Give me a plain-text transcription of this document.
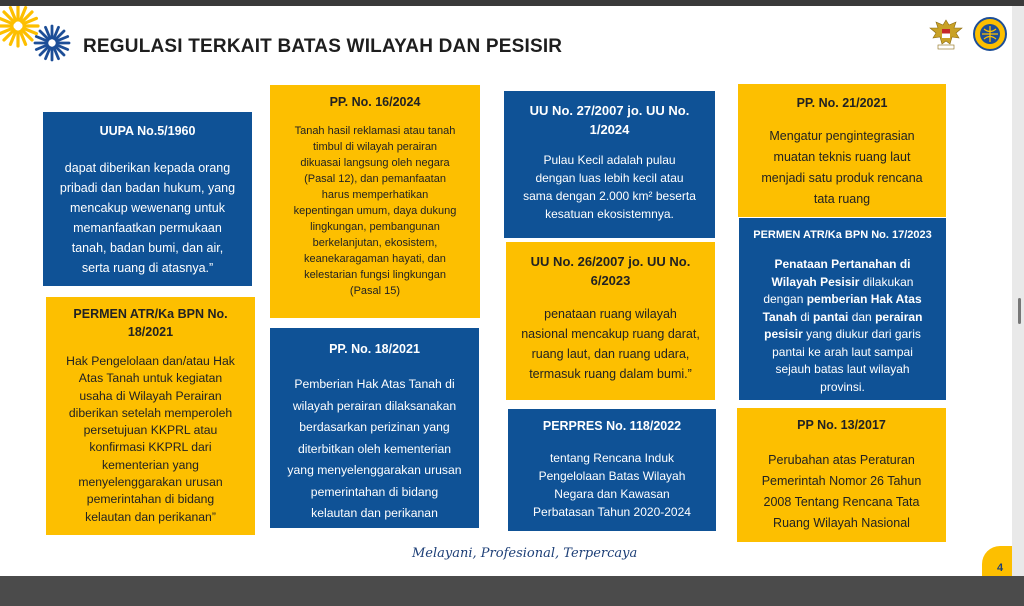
REGULASI TERKAIT BATAS WILAYAH DAN PESISIR
UUPA No.5/1960
dapat diberikan kepada orang
pribadi dan badan hukum, yang
mencakup wewenang untuk
memanfaatkan permukaan
tanah, badan bumi, dan air,
serta ruang di atasnya.”
PERMEN ATR/Ka BPN No.
18/2021
Hak Pengelolaan dan/atau Hak
Atas Tanah untuk kegiatan
usaha di Wilayah Perairan
diberikan setelah memperoleh
persetujuan KKPRL atau
konfirmasi KKPRL dari
kementerian yang
menyelenggarakan urusan
pemerintahan di bidang
kelautan dan perikanan”
PP. No. 16/2024
Tanah hasil reklamasi atau tanah
timbul di wilayah perairan
dikuasai langsung oleh negara
(Pasal 12), dan pemanfaatan
harus memperhatikan
kepentingan umum, daya dukung
lingkungan, pembangunan
berkelanjutan, ekosistem,
keanekaragaman hayati, dan
kelestarian fungsi lingkungan
(Pasal 15)
PP. No. 18/2021
Pemberian Hak Atas Tanah di
wilayah perairan dilaksanakan
berdasarkan perizinan yang
diterbitkan oleh kementerian
yang menyelenggarakan urusan
pemerintahan di bidang
kelautan dan perikanan
UU No. 27/2007 jo. UU No.
1/2024
Pulau Kecil adalah pulau
dengan luas lebih kecil atau
sama dengan 2.000 km² beserta
kesatuan ekosistemnya.
UU No. 26/2007 jo. UU No.
6/2023
penataan ruang wilayah
nasional mencakup ruang darat,
ruang laut, dan ruang udara,
termasuk ruang dalam bumi.”
PERPRES No. 118/2022
tentang Rencana Induk
Pengelolaan Batas Wilayah
Negara dan Kawasan
Perbatasan Tahun 2020-2024
PP. No. 21/2021
Mengatur pengintegrasian
muatan teknis ruang laut
menjadi satu produk rencana
tata ruang
PERMEN ATR/Ka BPN No. 17/2023
Penataan Pertanahan di
Wilayah Pesisir dilakukan
dengan pemberian Hak Atas
Tanah di pantai dan perairan
pesisir yang diukur dari garis
pantai ke arah laut sampai
sejauh batas laut wilayah
provinsi.
PP No. 13/2017
Perubahan atas Peraturan
Pemerintah Nomor 26 Tahun
2008 Tentang Rencana Tata
Ruang Wilayah Nasional
Melayani, Profesional, Terpercaya
4
